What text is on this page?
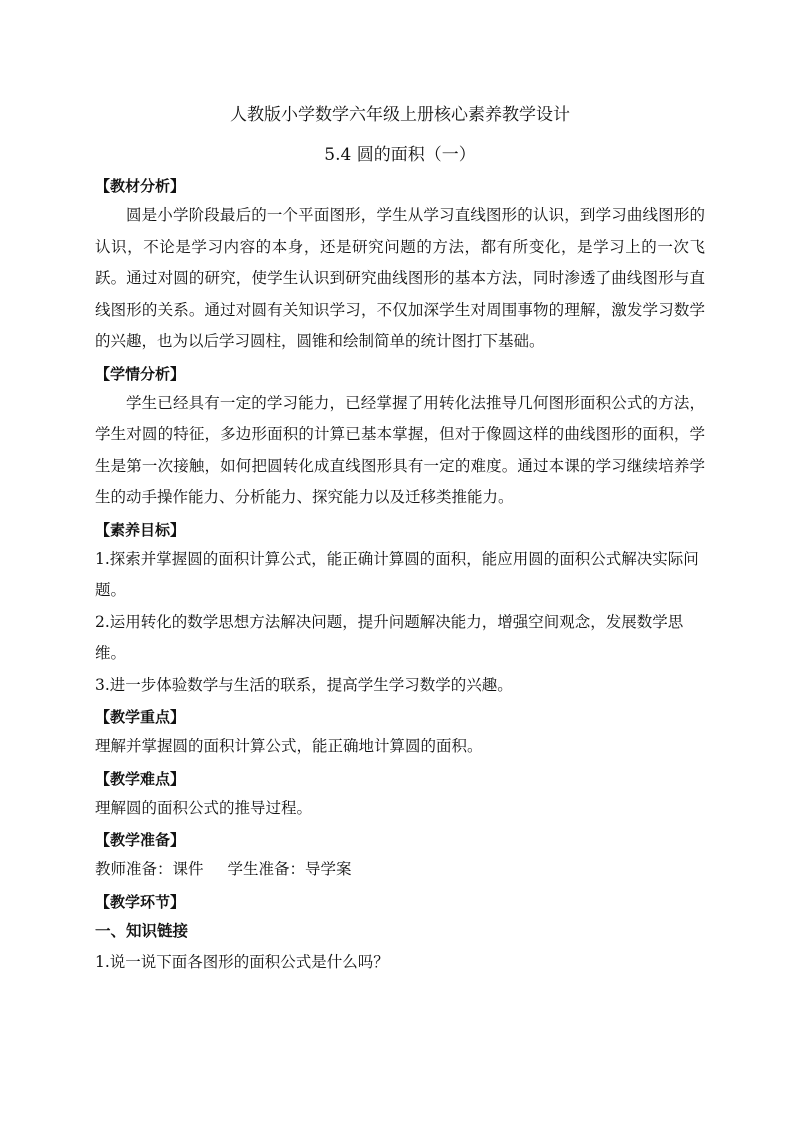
人教版小学数学六年级上册核心素养教学设计

5.4 圆的面积（一）

【教材分析】

圆是小学阶段最后的一个平面图形，学生从学习直线图形的认识，到学习曲线图形的认识，不论是学习内容的本身，还是研究问题的方法，都有所变化，是学习上的一次飞跃。通过对圆的研究，使学生认识到研究曲线图形的基本方法，同时渗透了曲线图形与直线图形的关系。通过对圆有关知识学习，不仅加深学生对周围事物的理解，激发学习数学的兴趣，也为以后学习圆柱，圆锥和绘制简单的统计图打下基础。

【学情分析】

学生已经具有一定的学习能力，已经掌握了用转化法推导几何图形面积公式的方法，学生对圆的特征，多边形面积的计算已基本掌握，但对于像圆这样的曲线图形的面积，学生是第一次接触，如何把圆转化成直线图形具有一定的难度。通过本课的学习继续培养学生的动手操作能力、分析能力、探究能力以及迁移类推能力。

【素养目标】

1.探索并掌握圆的面积计算公式，能正确计算圆的面积，能应用圆的面积公式解决实际问题。

2.运用转化的数学思想方法解决问题，提升问题解决能力，增强空间观念，发展数学思维。

3.进一步体验数学与生活的联系，提高学生学习数学的兴趣。

【教学重点】

理解并掌握圆的面积计算公式，能正确地计算圆的面积。

【教学难点】

理解圆的面积公式的推导过程。

【教学准备】

教师准备：课件 学生准备：导学案

【教学环节】

一、知识链接

1.说一说下面各图形的面积公式是什么吗？
